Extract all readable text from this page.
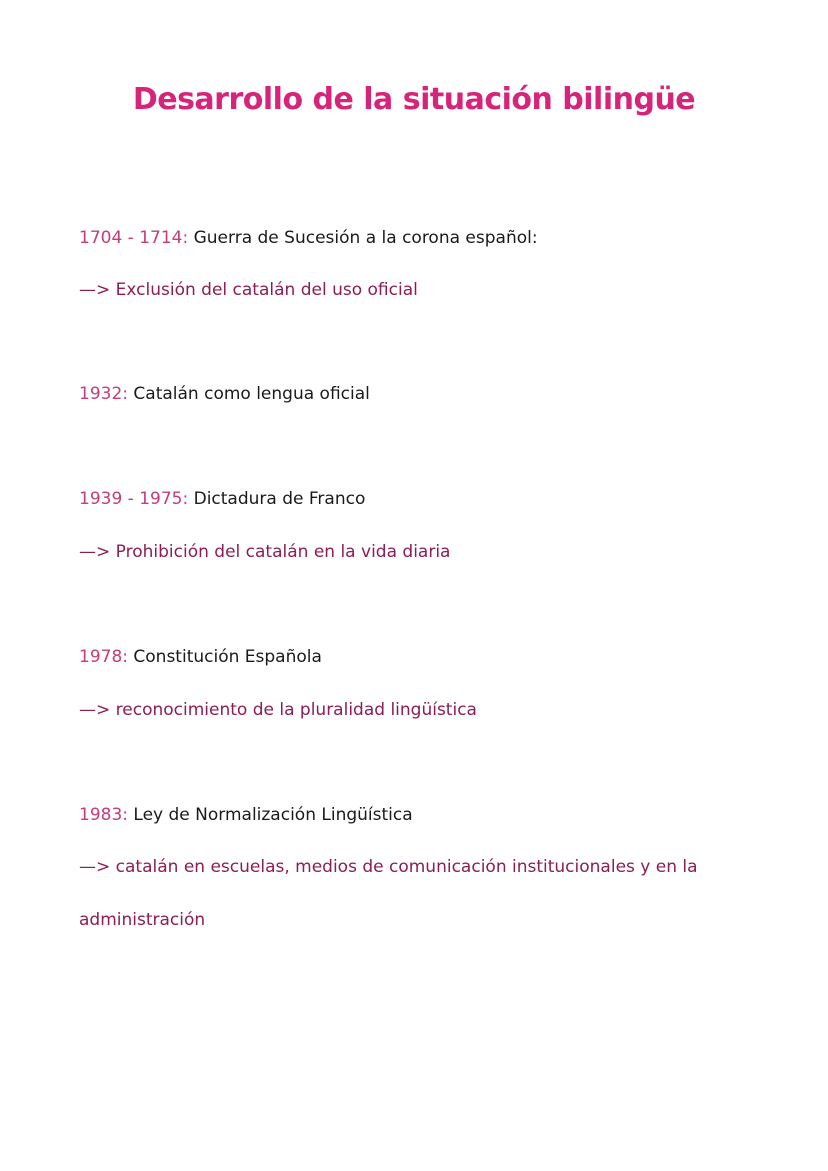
Desarrollo de la situación bilingüe

1704 - 1714: Guerra de Sucesión a la corona español:

—> Exclusión del catalán del uso oficial

1932: Catalán como lengua oficial

1939 - 1975: Dictadura de Franco

—> Prohibición del catalán en la vida diaria

1978: Constitución Española

—> reconocimiento de la pluralidad lingüística

1983: Ley de Normalización Lingüística

—> catalán en escuelas, medios de comunicación institucionales y en la

administración
